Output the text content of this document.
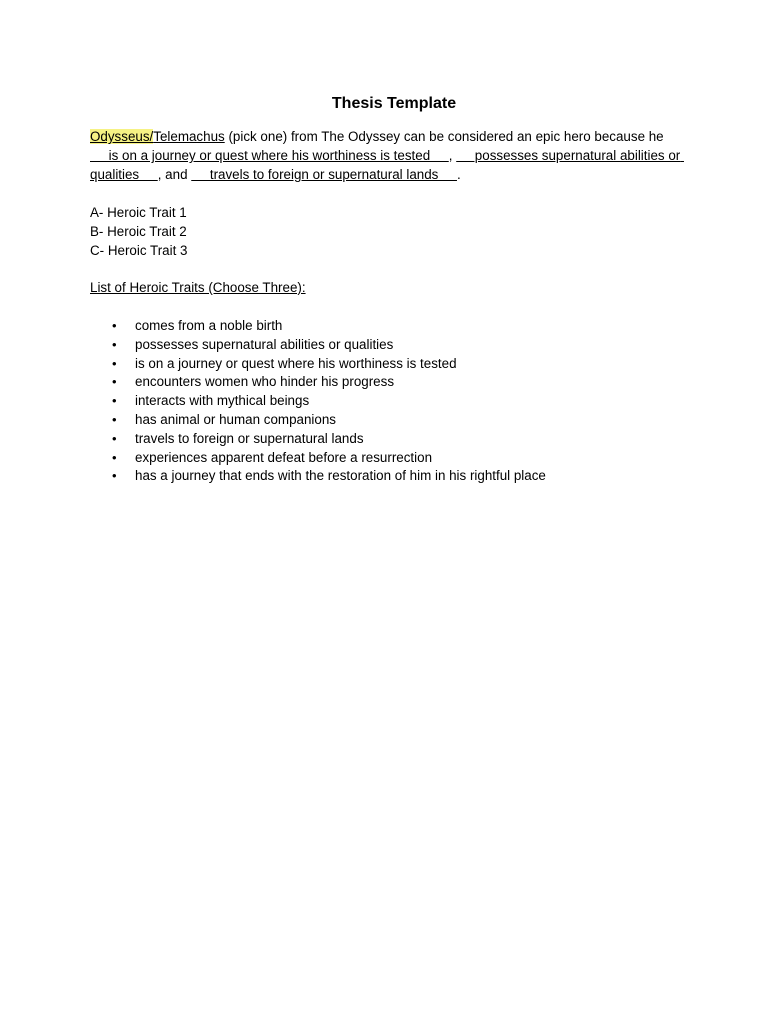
Thesis Template

Odysseus/Telemachus (pick one) from The Odyssey can be considered an epic hero because he      is on a journey or quest where his worthiness is tested     ,      possesses supernatural abilities or qualities     , and      travels to foreign or supernatural lands     .

A- Heroic Trait 1
B- Heroic Trait 2
C- Heroic Trait 3
List of Heroic Traits (Choose Three):
• comes from a noble birth
• possesses supernatural abilities or qualities
• is on a journey or quest where his worthiness is tested
• encounters women who hinder his progress
• interacts with mythical beings
• has animal or human companions
• travels to foreign or supernatural lands
• experiences apparent defeat before a resurrection
• has a journey that ends with the restoration of him in his rightful place
